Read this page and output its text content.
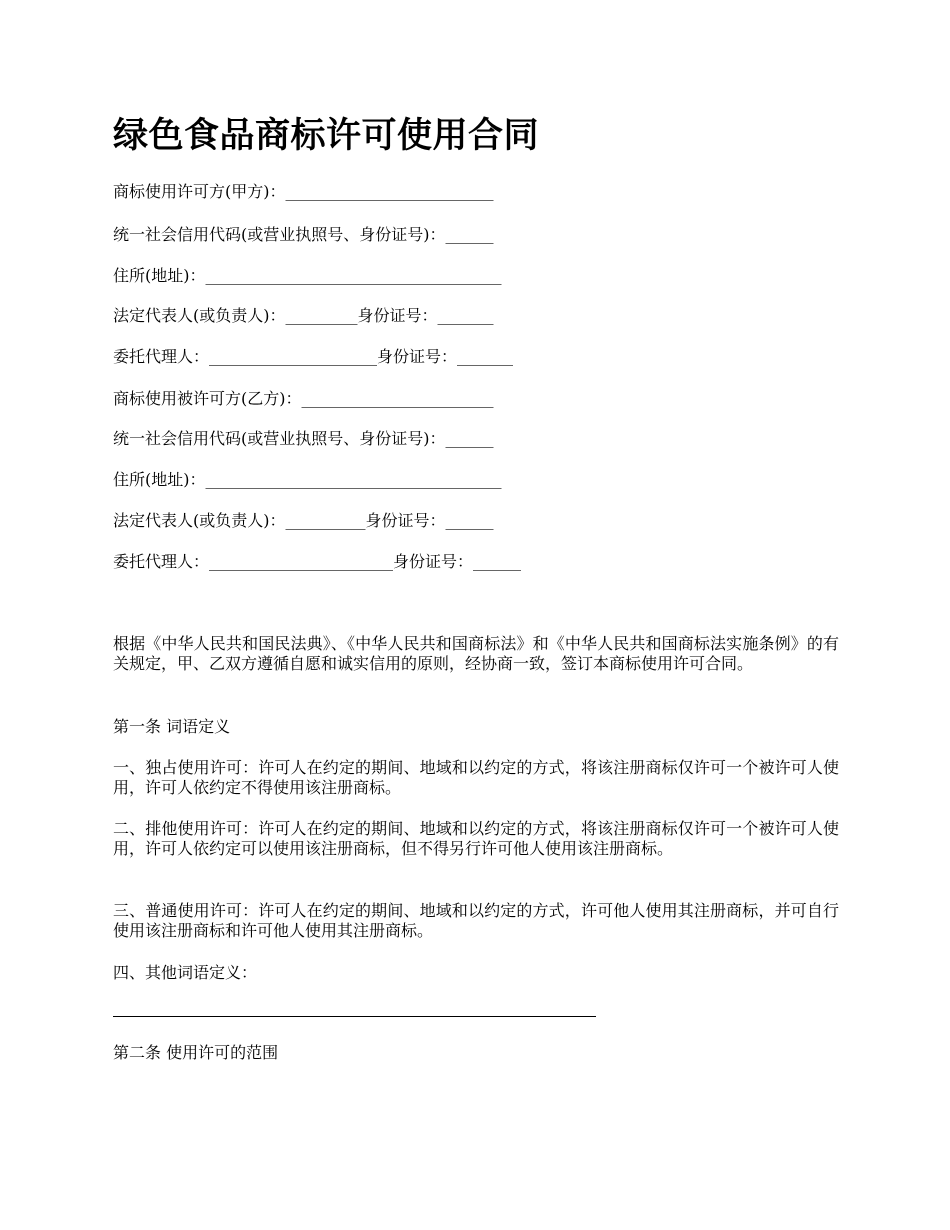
绿色食品商标许可使用合同

商标使用许可方(甲方)：__________________________

统一社会信用代码(或营业执照号、身份证号)：______

住所(地址)：_____________________________________

法定代表人(或负责人)：_________身份证号：_______

委托代理人：_____________________身份证号：_______

商标使用被许可方(乙方)：________________________

统一社会信用代码(或营业执照号、身份证号)：______

住所(地址)：_____________________________________

法定代表人(或负责人)：__________身份证号：______

委托代理人：_______________________身份证号：______

根据《中华人民共和国民法典》、《中华人民共和国商标法》和《中华人民共和国商标法实施条例》的有关规定，甲、乙双方遵循自愿和诚实信用的原则，经协商一致，签订本商标使用许可合同。

第一条 词语定义

一、独占使用许可：许可人在约定的期间、地域和以约定的方式，将该注册商标仅许可一个被许可人使用，许可人依约定不得使用该注册商标。

二、排他使用许可：许可人在约定的期间、地域和以约定的方式，将该注册商标仅许可一个被许可人使用，许可人依约定可以使用该注册商标，但不得另行许可他人使用该注册商标。

三、普通使用许可：许可人在约定的期间、地域和以约定的方式，许可他人使用其注册商标，并可自行使用该注册商标和许可他人使用其注册商标。

四、其他词语定义：

第二条 使用许可的范围
